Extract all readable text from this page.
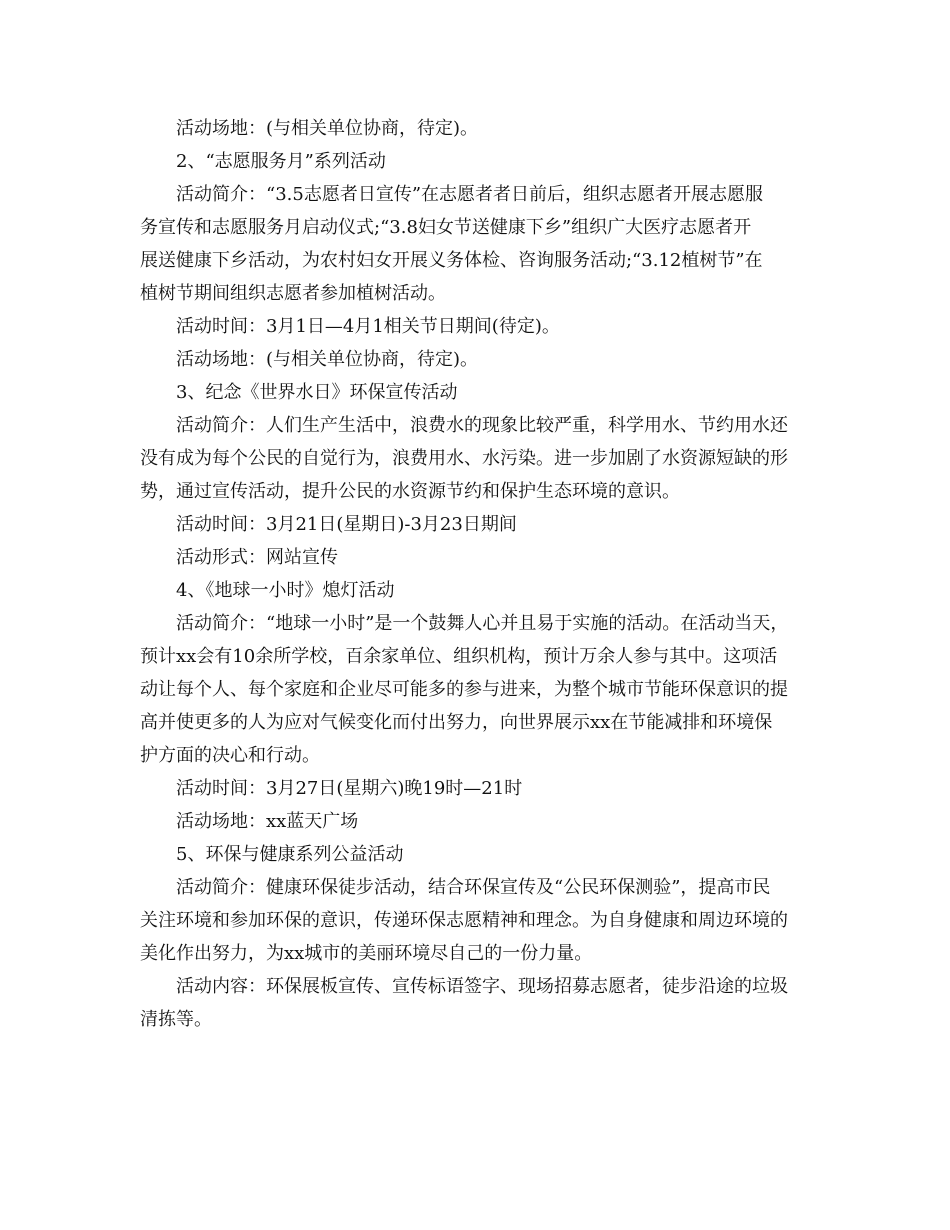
活动场地：(与相关单位协商，待定)。

2、“志愿服务月”系列活动

活动简介：“3.5志愿者日宣传”在志愿者者日前后，组织志愿者开展志愿服

务宣传和志愿服务月启动仪式;“3.8妇女节送健康下乡”组织广大医疗志愿者开

展送健康下乡活动，为农村妇女开展义务体检、咨询服务活动;“3.12植树节”在

植树节期间组织志愿者参加植树活动。

活动时间：3月1日—4月1相关节日期间(待定)。

活动场地：(与相关单位协商，待定)。

3、纪念《世界水日》环保宣传活动

活动简介：人们生产生活中，浪费水的现象比较严重，科学用水、节约用水还

没有成为每个公民的自觉行为，浪费用水、水污染。进一步加剧了水资源短缺的形

势，通过宣传活动，提升公民的水资源节约和保护生态环境的意识。

活动时间：3月21日(星期日)-3月23日期间

活动形式：网站宣传

4、《地球一小时》熄灯活动

活动简介：“地球一小时”是一个鼓舞人心并且易于实施的活动。在活动当天，

预计xx会有10余所学校，百余家单位、组织机构，预计万余人参与其中。这项活

动让每个人、每个家庭和企业尽可能多的参与进来，为整个城市节能环保意识的提

高并使更多的人为应对气候变化而付出努力，向世界展示xx在节能减排和环境保

护方面的决心和行动。

活动时间：3月27日(星期六)晚19时—21时

活动场地：xx蓝天广场

5、环保与健康系列公益活动

活动简介：健康环保徒步活动，结合环保宣传及“公民环保测验”，提高市民

关注环境和参加环保的意识，传递环保志愿精神和理念。为自身健康和周边环境的

美化作出努力，为xx城市的美丽环境尽自己的一份力量。

活动内容：环保展板宣传、宣传标语签字、现场招募志愿者，徒步沿途的垃圾

清拣等。
